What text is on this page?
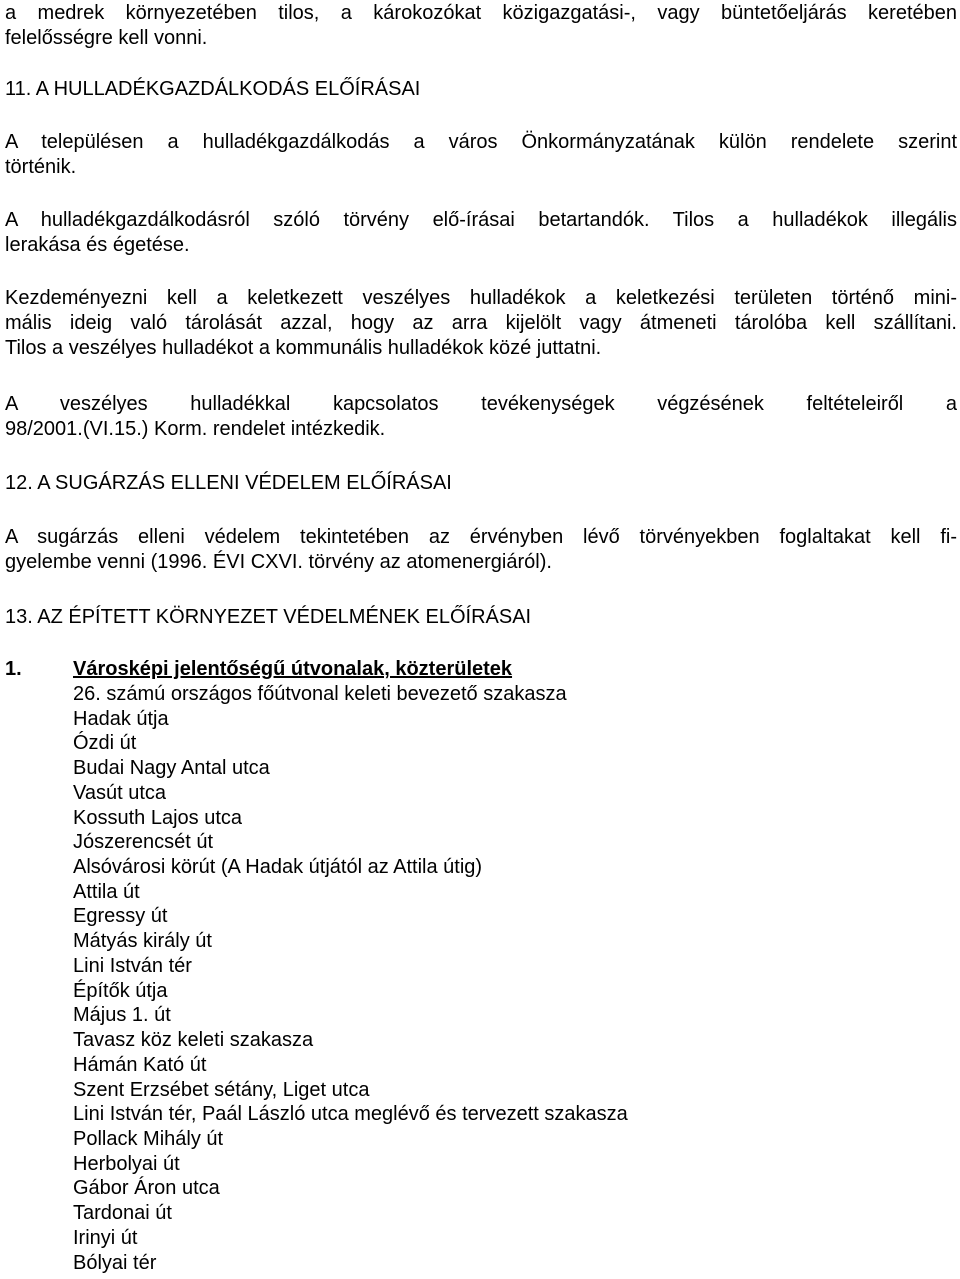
a medrek környezetében tilos, a károkozókat közigazgatási-, vagy büntetőeljárás keretében

felelősségre kell vonni.

11. A HULLADÉKGAZDÁLKODÁS ELŐÍRÁSAI

A településen a hulladékgazdálkodás a város Önkormányzatának külön rendelete szerint

történik.

A hulladékgazdálkodásról szóló törvény elő-írásai betartandók. Tilos a hulladékok illegális

lerakása és égetése.

Kezdeményezni kell a keletkezett veszélyes hulladékok a keletkezési területen történő mini-

mális ideig való tárolását azzal, hogy az arra kijelölt vagy átmeneti tárolóba kell szállítani.

Tilos a veszélyes hulladékot a kommunális hulladékok közé juttatni.

A veszélyes hulladékkal kapcsolatos tevékenységek végzésének feltételeiről a

98/2001.(VI.15.) Korm. rendelet intézkedik.

12. A SUGÁRZÁS ELLENI VÉDELEM ELŐÍRÁSAI

A sugárzás elleni védelem tekintetében az érvényben lévő törvényekben foglaltakat kell fi-

gyelembe venni (1996. ÉVI CXVI. törvény az atomenergiáról).

13. AZ ÉPÍTETT KÖRNYEZET VÉDELMÉNEK ELŐÍRÁSAI

1.	Városképi jelentőségű útvonalak, közterületek
26. számú országos főútvonal keleti bevezető szakasza
Hadak útja
Ózdi út
Budai Nagy Antal utca
Vasút utca
Kossuth Lajos utca
Jószerencsét út
Alsóvárosi körút (A Hadak útjától az Attila útig)
Attila út
Egressy út
Mátyás király út
Lini István tér
Építők útja
Május 1. út
Tavasz köz keleti szakasza
Hámán Kató út
Szent Erzsébet sétány, Liget utca
Lini István tér, Paál László utca meglévő és tervezett szakasza
Pollack Mihály út
Herbolyai út
Gábor Áron utca
Tardonai út
Irinyi út
Bólyai tér
